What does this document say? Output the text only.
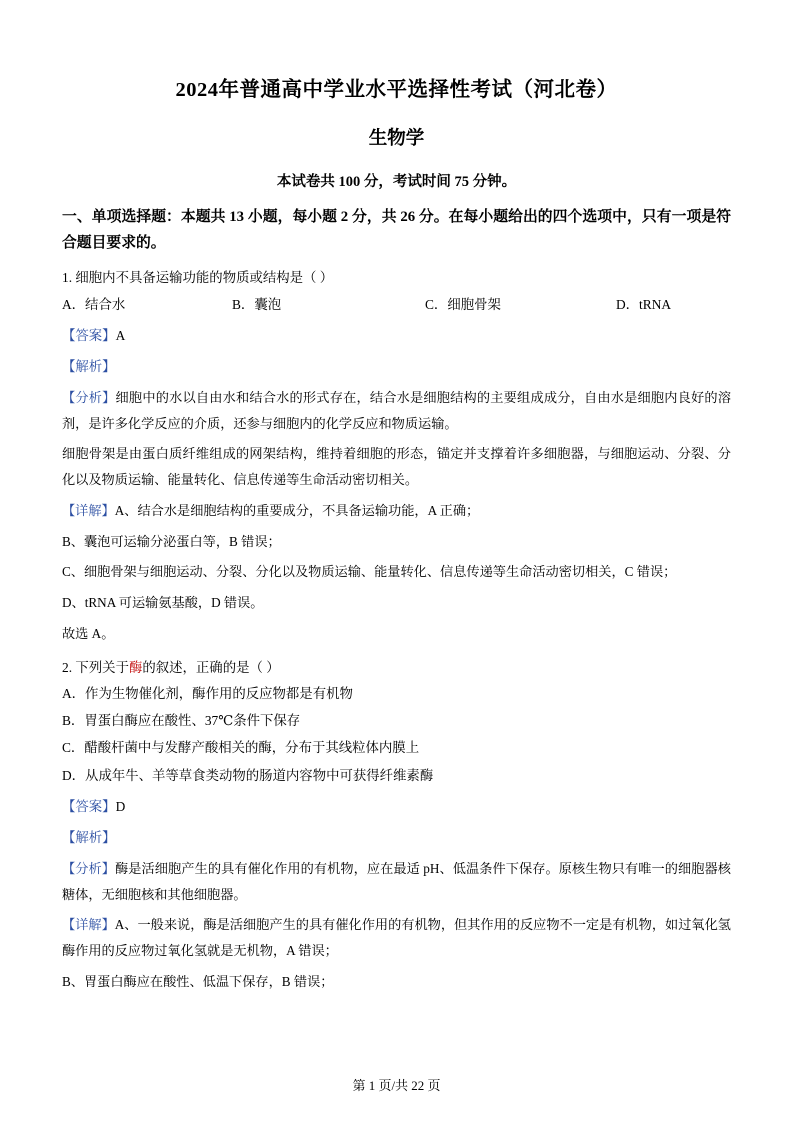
2024年普通高中学业水平选择性考试（河北卷）
生物学
本试卷共 100 分，考试时间 75 分钟。
一、单项选择题：本题共 13 小题，每小题 2 分，共 26 分。在每小题给出的四个选项中，只有一项是符合题目要求的。
1. 细胞内不具备运输功能的物质或结构是（ ）
A．结合水	B．囊泡	C．细胞骨架	D．tRNA
【答案】A
【解析】
【分析】细胞中的水以自由水和结合水的形式存在，结合水是细胞结构的主要组成成分，自由水是细胞内良好的溶剂，是许多化学反应的介质，还参与细胞内的化学反应和物质运输。
细胞骨架是由蛋白质纤维组成的网架结构，维持着细胞的形态，锚定并支撑着许多细胞器，与细胞运动、分裂、分化以及物质运输、能量转化、信息传递等生命活动密切相关。
【详解】A、结合水是细胞结构的重要成分，不具备运输功能，A 正确；
B、囊泡可运输分泌蛋白等，B 错误；
C、细胞骨架与细胞运动、分裂、分化以及物质运输、能量转化、信息传递等生命活动密切相关，C 错误；
D、tRNA 可运输氨基酸，D 错误。
故选 A。
2. 下列关于酶的叙述，正确的是（ ）
A．作为生物催化剂，酶作用的反应物都是有机物
B．胃蛋白酶应在酸性、37℃条件下保存
C．醋酸杆菌中与发酵产酸相关的酶，分布于其线粒体内膜上
D．从成年牛、羊等草食类动物的肠道内容物中可获得纤维素酶
【答案】D
【解析】
【分析】酶是活细胞产生的具有催化作用的有机物，应在最适 pH、低温条件下保存。原核生物只有唯一的细胞器核糖体，无细胞核和其他细胞器。
【详解】A、一般来说，酶是活细胞产生的具有催化作用的有机物，但其作用的反应物不一定是有机物，如过氧化氢酶作用的反应物过氧化氢就是无机物，A 错误；
B、胃蛋白酶应在酸性、低温下保存，B 错误；
第 1 页/共 22 页
